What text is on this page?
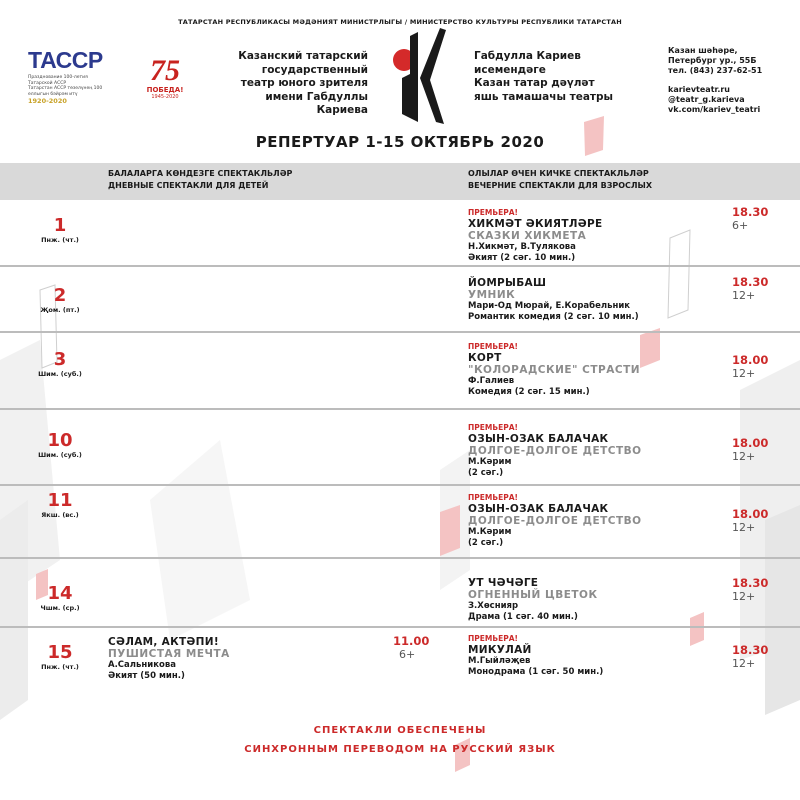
ТАТАРСТАН РЕСПУБЛИКАСЫ МӘДӘНИЯТ МИНИСТРЛЫГЫ / МИНИСТЕРСТВО КУЛЬТУРЫ РЕСПУБЛИКИ ТАТАРСТАН
ТАССР
Празднование 100-летия
Татарской АССР
Татарстан АССР төзелүнең 100 еллыгын бәйрәм итү
1920-2020
75
ПОБЕДА!
1945-2020
Казанский татарский
государственный
театр юного зрителя
имени Габдуллы Кариева
Габдулла Кариев
исемендәге
Казан татар дәүләт
яшь тамашачы театры
Казан шәһәре,
Петербург ур., 55Б
тел. (843) 237-62-51
karievteatr.ru
@teatr_g.karieva
vk.com/kariev_teatri
РЕПЕРТУАР 1-15 ОКТЯБРЬ 2020
БАЛАЛАРГА КӨНДЕЗГЕ СПЕКТАКЛЬЛӘР
ДНЕВНЫЕ СПЕКТАКЛИ ДЛЯ ДЕТЕЙ
ОЛЫЛАР ӨЧЕН КИЧКЕ СПЕКТАКЛЬЛӘР
ВЕЧЕРНИЕ СПЕКТАКЛИ ДЛЯ ВЗРОСЛЫХ
1
Пнж. (чт.)
ПРЕМЬЕРА!
ХИКМӘТ ӘКИЯТЛӘРЕ
СКАЗКИ ХИКМЕТА
Н.Хикмәт, В.Тулякова
Әкият (2 сәг. 10 мин.)
18.30
6+
2
Җом. (пт.)
ЙОМРЫБАШ
УМНИК
Мари-Од Мюрай, Е.Корабельник
Романтик комедия (2 сәг. 10 мин.)
18.30
12+
3
Шим. (суб.)
ПРЕМЬЕРА!
КОРТ
"КОЛОРАДСКИЕ" СТРАСТИ
Ф.Галиев
Комедия (2 сәг. 15 мин.)
18.00
12+
10
Шим. (суб.)
ПРЕМЬЕРА!
ОЗЫН-ОЗАК БАЛАЧАК
ДОЛГОЕ-ДОЛГОЕ ДЕТСТВО
М.Кәрим
(2 сәг.)
18.00
12+
11
Якш. (вс.)
ПРЕМЬЕРА!
ОЗЫН-ОЗАК БАЛАЧАК
ДОЛГОЕ-ДОЛГОЕ ДЕТСТВО
М.Кәрим
(2 сәг.)
18.00
12+
14
Чшм. (ср.)
УТ ЧӘЧӘГЕ
ОГНЕННЫЙ ЦВЕТОК
З.Хөснияр
Драма (1 сәг. 40 мин.)
18.30
12+
15
Пнж. (чт.)
СӘЛАМ, АКТӘПИ!
ПУШИСТАЯ МЕЧТА
А.Сальникова
Әкият (50 мин.)
11.00
6+
ПРЕМЬЕРА!
МИКУЛАЙ
М.Гыйләҗев
Монодрама (1 сәг. 50 мин.)
18.30
12+
СПЕКТАКЛИ ОБЕСПЕЧЕНЫ
СИНХРОННЫМ ПЕРЕВОДОМ НА РУССКИЙ ЯЗЫК
